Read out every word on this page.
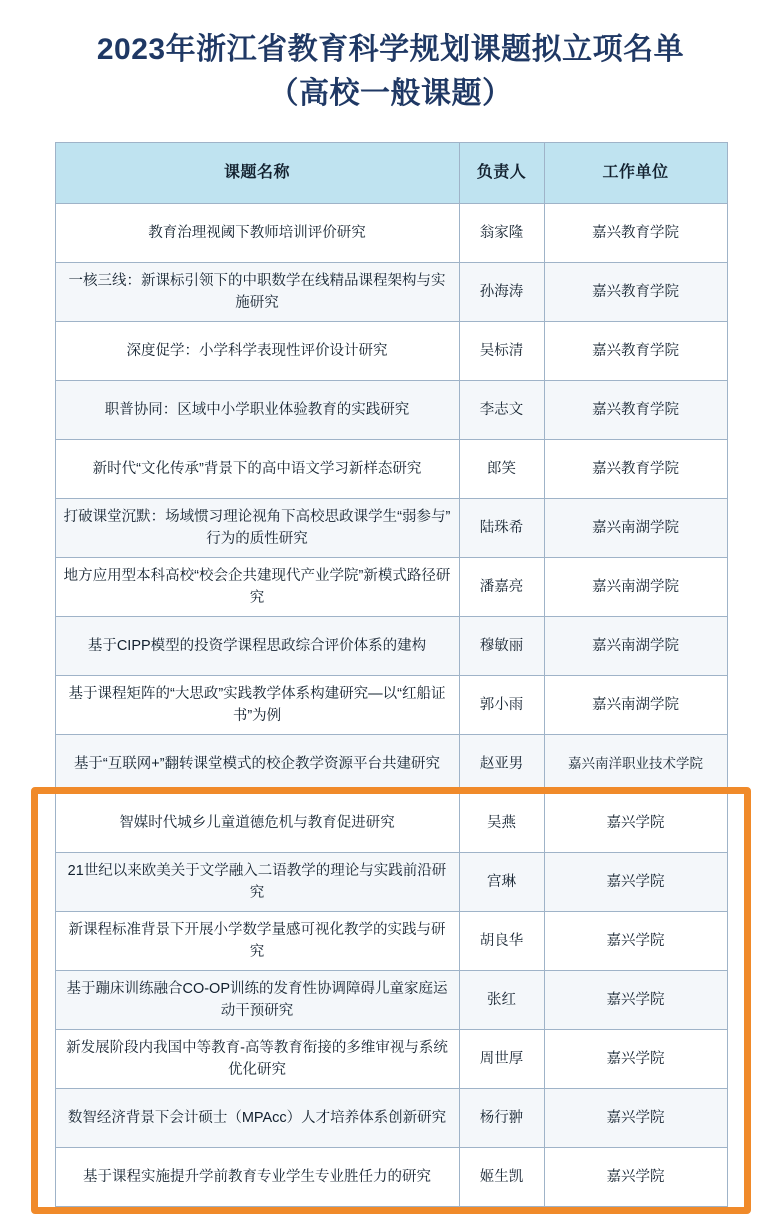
2023年浙江省教育科学规划课题拟立项名单
（高校一般课题）
课题名称	负责人	工作单位
教育治理视阈下教师培训评价研究	翁家隆	嘉兴教育学院
一核三线：新课标引领下的中职数学在线精品课程架构与实施研究	孙海涛	嘉兴教育学院
深度促学：小学科学表现性评价设计研究	吴标清	嘉兴教育学院
职普协同：区域中小学职业体验教育的实践研究	李志文	嘉兴教育学院
新时代“文化传承”背景下的高中语文学习新样态研究	郎笑	嘉兴教育学院
打破课堂沉默：场域惯习理论视角下高校思政课学生“弱参与”行为的质性研究	陆珠希	嘉兴南湖学院
地方应用型本科高校“校会企共建现代产业学院”新模式路径研究	潘嘉亮	嘉兴南湖学院
基于CIPP模型的投资学课程思政综合评价体系的建构	穆敏丽	嘉兴南湖学院
基于课程矩阵的“大思政”实践教学体系构建研究—以“红船证书”为例	郭小雨	嘉兴南湖学院

基于“互联网+”翻转课堂模式的校企教学资源平台共建研究	赵亚男	嘉兴南洋职业技术学院
智媒时代城乡儿童道德危机与教育促进研究	吴燕	嘉兴学院
21世纪以来欧美关于文学融入二语教学的理论与实践前沿研究	宫琳	嘉兴学院
新课程标准背景下开展小学数学量感可视化教学的实践与研究	胡良华	嘉兴学院
基于蹦床训练融合CO-OP训练的发育性协调障碍儿童家庭运动干预研究	张红	嘉兴学院
新发展阶段内我国中等教育-高等教育衔接的多维审视与系统优化研究	周世厚	嘉兴学院
数智经济背景下会计硕士（MPAcc）人才培养体系创新研究	杨行翀	嘉兴学院
基于课程实施提升学前教育专业学生专业胜任力的研究	姬生凯	嘉兴学院
